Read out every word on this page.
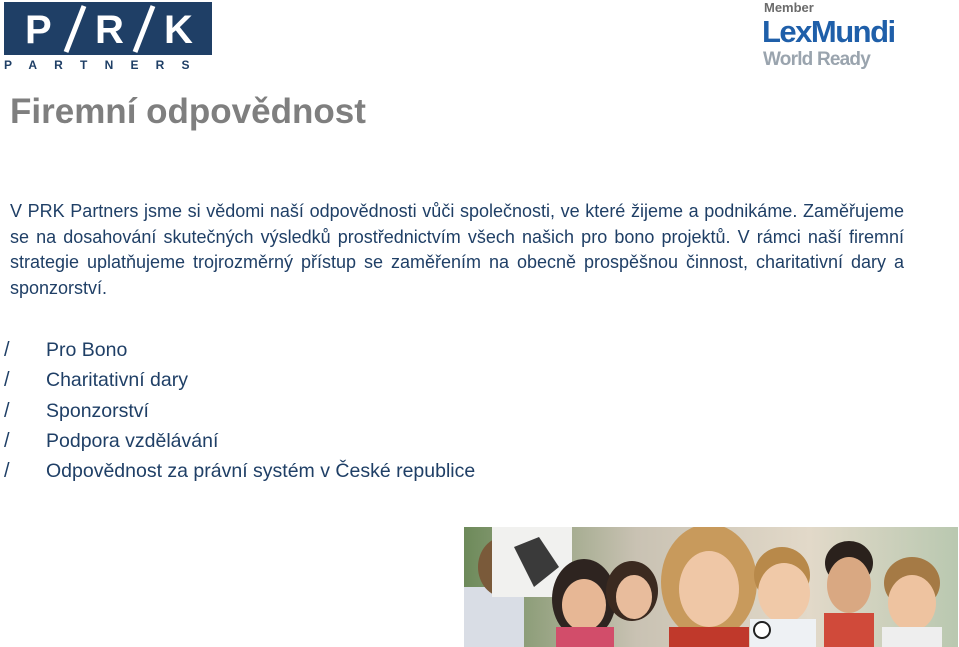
P R K
PARTNERS
Member
LexMundi
World Ready
Firemní odpovědnost

V PRK Partners jsme si vědomi naší odpovědnosti vůči společnosti, ve které žijeme a podnikáme. Zaměřujeme se na dosahování skutečných výsledků prostřednictvím všech našich pro bono projektů. V rámci naší firemní strategie uplatňujeme trojrozměrný přístup se zaměřením na obecně prospěšnou činnost, charitativní dary a sponzorství.

/ Pro Bono
/ Charitativní dary
/ Sponzorství
/ Podpora vzdělávání
/ Odpovědnost za právní systém v České republice
